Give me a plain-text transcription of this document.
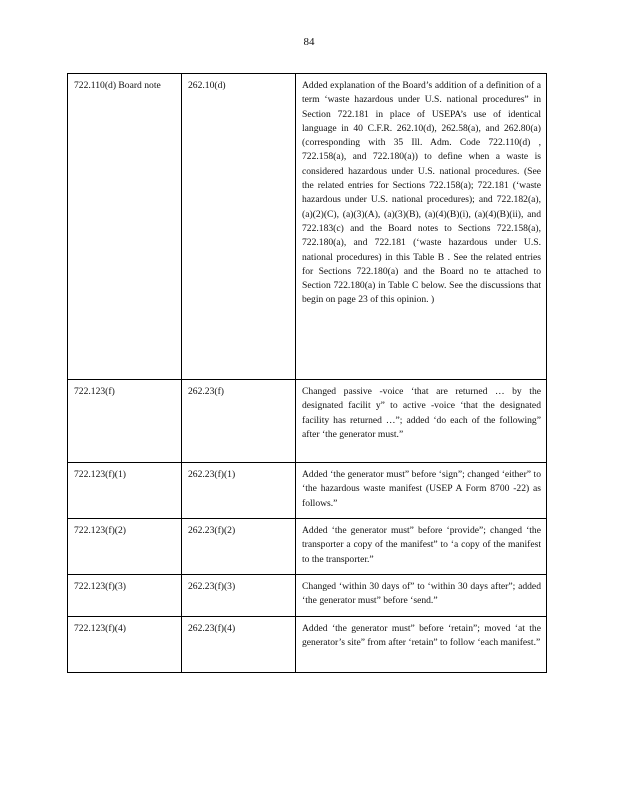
84
722.110(d) Board note	262.10(d)	Added explanation of the Board’s addition of a definition of a term ‘waste hazardous under U.S. national procedures” in Section 722.181 in place of USEPA’s use of identical language in 40 C.F.R. 262.10(d), 262.58(a), and 262.80(a) (corresponding with 35 Ill. Adm. Code 722.110(d) , 722.158(a), and 722.180(a)) to define when a waste is considered hazardous under U.S. national procedures. (See the related entries for Sections 722.158(a); 722.181 (‘waste hazardous under U.S. national procedures); and 722.182(a), (a)(2)(C), (a)(3)(A), (a)(3)(B), (a)(4)(B)(i), (a)(4)(B)(ii), and 722.183(c) and the Board notes to Sections 722.158(a), 722.180(a), and 722.181 (‘waste hazardous under U.S. national procedures) in this Table B . See the related entries for Sections 722.180(a) and the Board no te attached to Section 722.180(a) in Table C below. See the discussions that begin on page 23 of this opinion. )
722.123(f)	262.23(f)	Changed passive -voice ‘that are returned … by the designated facilit y” to active -voice ‘that the designated facility has returned …”; added ‘do each of the following” after ‘the generator must.”
722.123(f)(1)	262.23(f)(1)	Added ‘the generator must” before ‘sign”; changed ‘either” to ‘the hazardous waste manifest (USEP A Form 8700 -22) as follows.”
722.123(f)(2)	262.23(f)(2)	Added ‘the generator must” before ‘provide”; changed ‘the transporter a copy of the manifest” to ‘a copy of the manifest to the transporter.”
722.123(f)(3)	262.23(f)(3)	Changed ‘within 30 days of” to ‘within 30 days after”; added ‘the generator must” before ‘send.”
722.123(f)(4)	262.23(f)(4)	Added ‘the generator must” before ‘retain”; moved ‘at the generator’s site” from after ‘retain” to follow ‘each manifest.”
